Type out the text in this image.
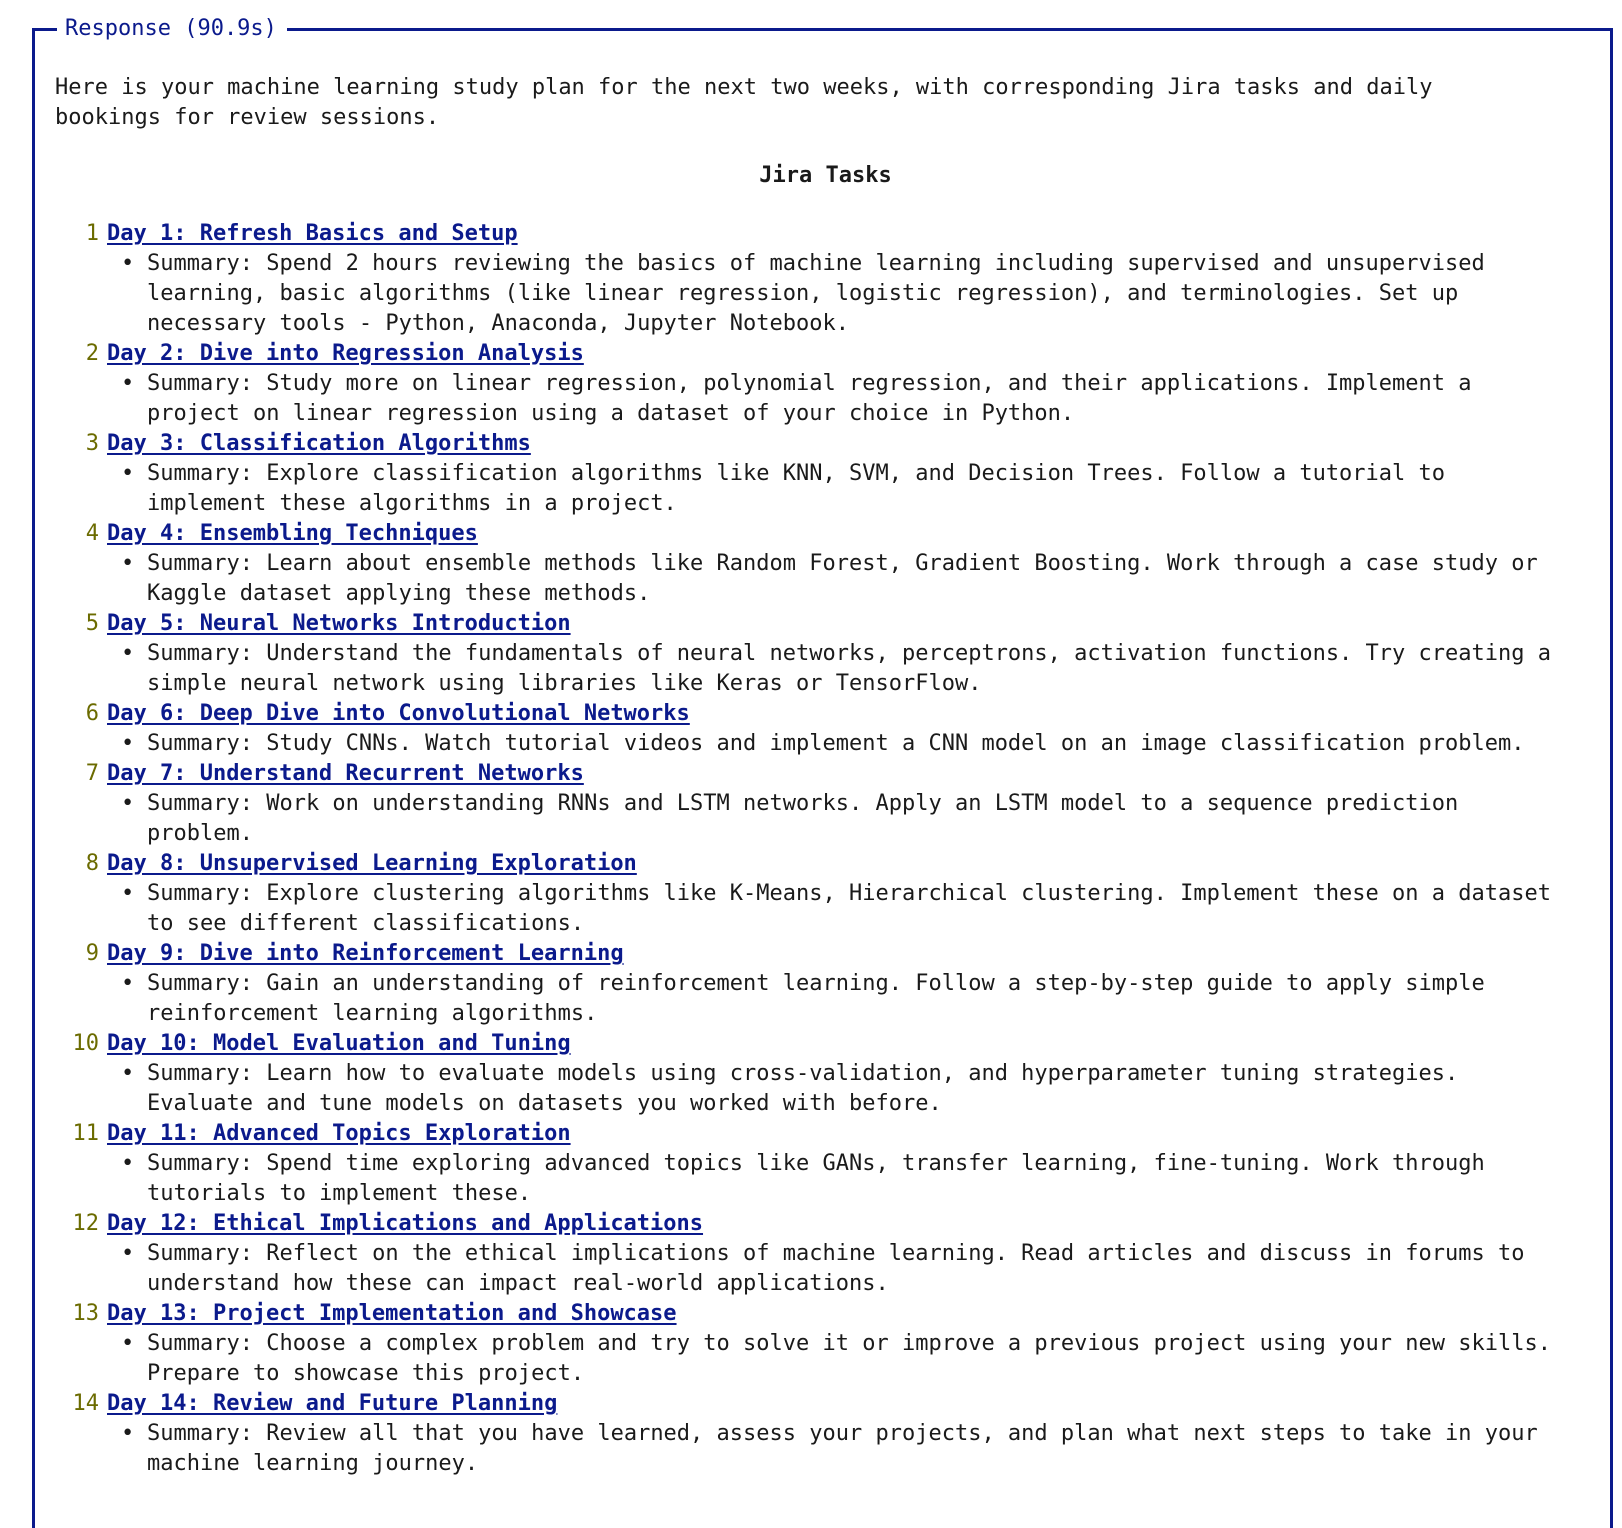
Response (90.9s)

Here is your machine learning study plan for the next two weeks, with corresponding Jira tasks and daily
bookings for review sessions.

Jira Tasks

1 Day 1: Refresh Basics and Setup
• Summary: Spend 2 hours reviewing the basics of machine learning including supervised and unsupervised learning, basic algorithms (like linear regression, logistic regression), and terminologies. Set up necessary tools - Python, Anaconda, Jupyter Notebook.
2 Day 2: Dive into Regression Analysis
• Summary: Study more on linear regression, polynomial regression, and their applications. Implement a project on linear regression using a dataset of your choice in Python.
3 Day 3: Classification Algorithms
• Summary: Explore classification algorithms like KNN, SVM, and Decision Trees. Follow a tutorial to implement these algorithms in a project.
4 Day 4: Ensembling Techniques
• Summary: Learn about ensemble methods like Random Forest, Gradient Boosting. Work through a case study or Kaggle dataset applying these methods.
5 Day 5: Neural Networks Introduction
• Summary: Understand the fundamentals of neural networks, perceptrons, activation functions. Try creating a simple neural network using libraries like Keras or TensorFlow.
6 Day 6: Deep Dive into Convolutional Networks
• Summary: Study CNNs. Watch tutorial videos and implement a CNN model on an image classification problem.
7 Day 7: Understand Recurrent Networks
• Summary: Work on understanding RNNs and LSTM networks. Apply an LSTM model to a sequence prediction problem.
8 Day 8: Unsupervised Learning Exploration
• Summary: Explore clustering algorithms like K-Means, Hierarchical clustering. Implement these on a dataset to see different classifications.
9 Day 9: Dive into Reinforcement Learning
• Summary: Gain an understanding of reinforcement learning. Follow a step-by-step guide to apply simple reinforcement learning algorithms.
10 Day 10: Model Evaluation and Tuning
• Summary: Learn how to evaluate models using cross-validation, and hyperparameter tuning strategies. Evaluate and tune models on datasets you worked with before.
11 Day 11: Advanced Topics Exploration
• Summary: Spend time exploring advanced topics like GANs, transfer learning, fine-tuning. Work through tutorials to implement these.
12 Day 12: Ethical Implications and Applications
• Summary: Reflect on the ethical implications of machine learning. Read articles and discuss in forums to understand how these can impact real-world applications.
13 Day 13: Project Implementation and Showcase
• Summary: Choose a complex problem and try to solve it or improve a previous project using your new skills. Prepare to showcase this project.
14 Day 14: Review and Future Planning
• Summary: Review all that you have learned, assess your projects, and plan what next steps to take in your machine learning journey.
